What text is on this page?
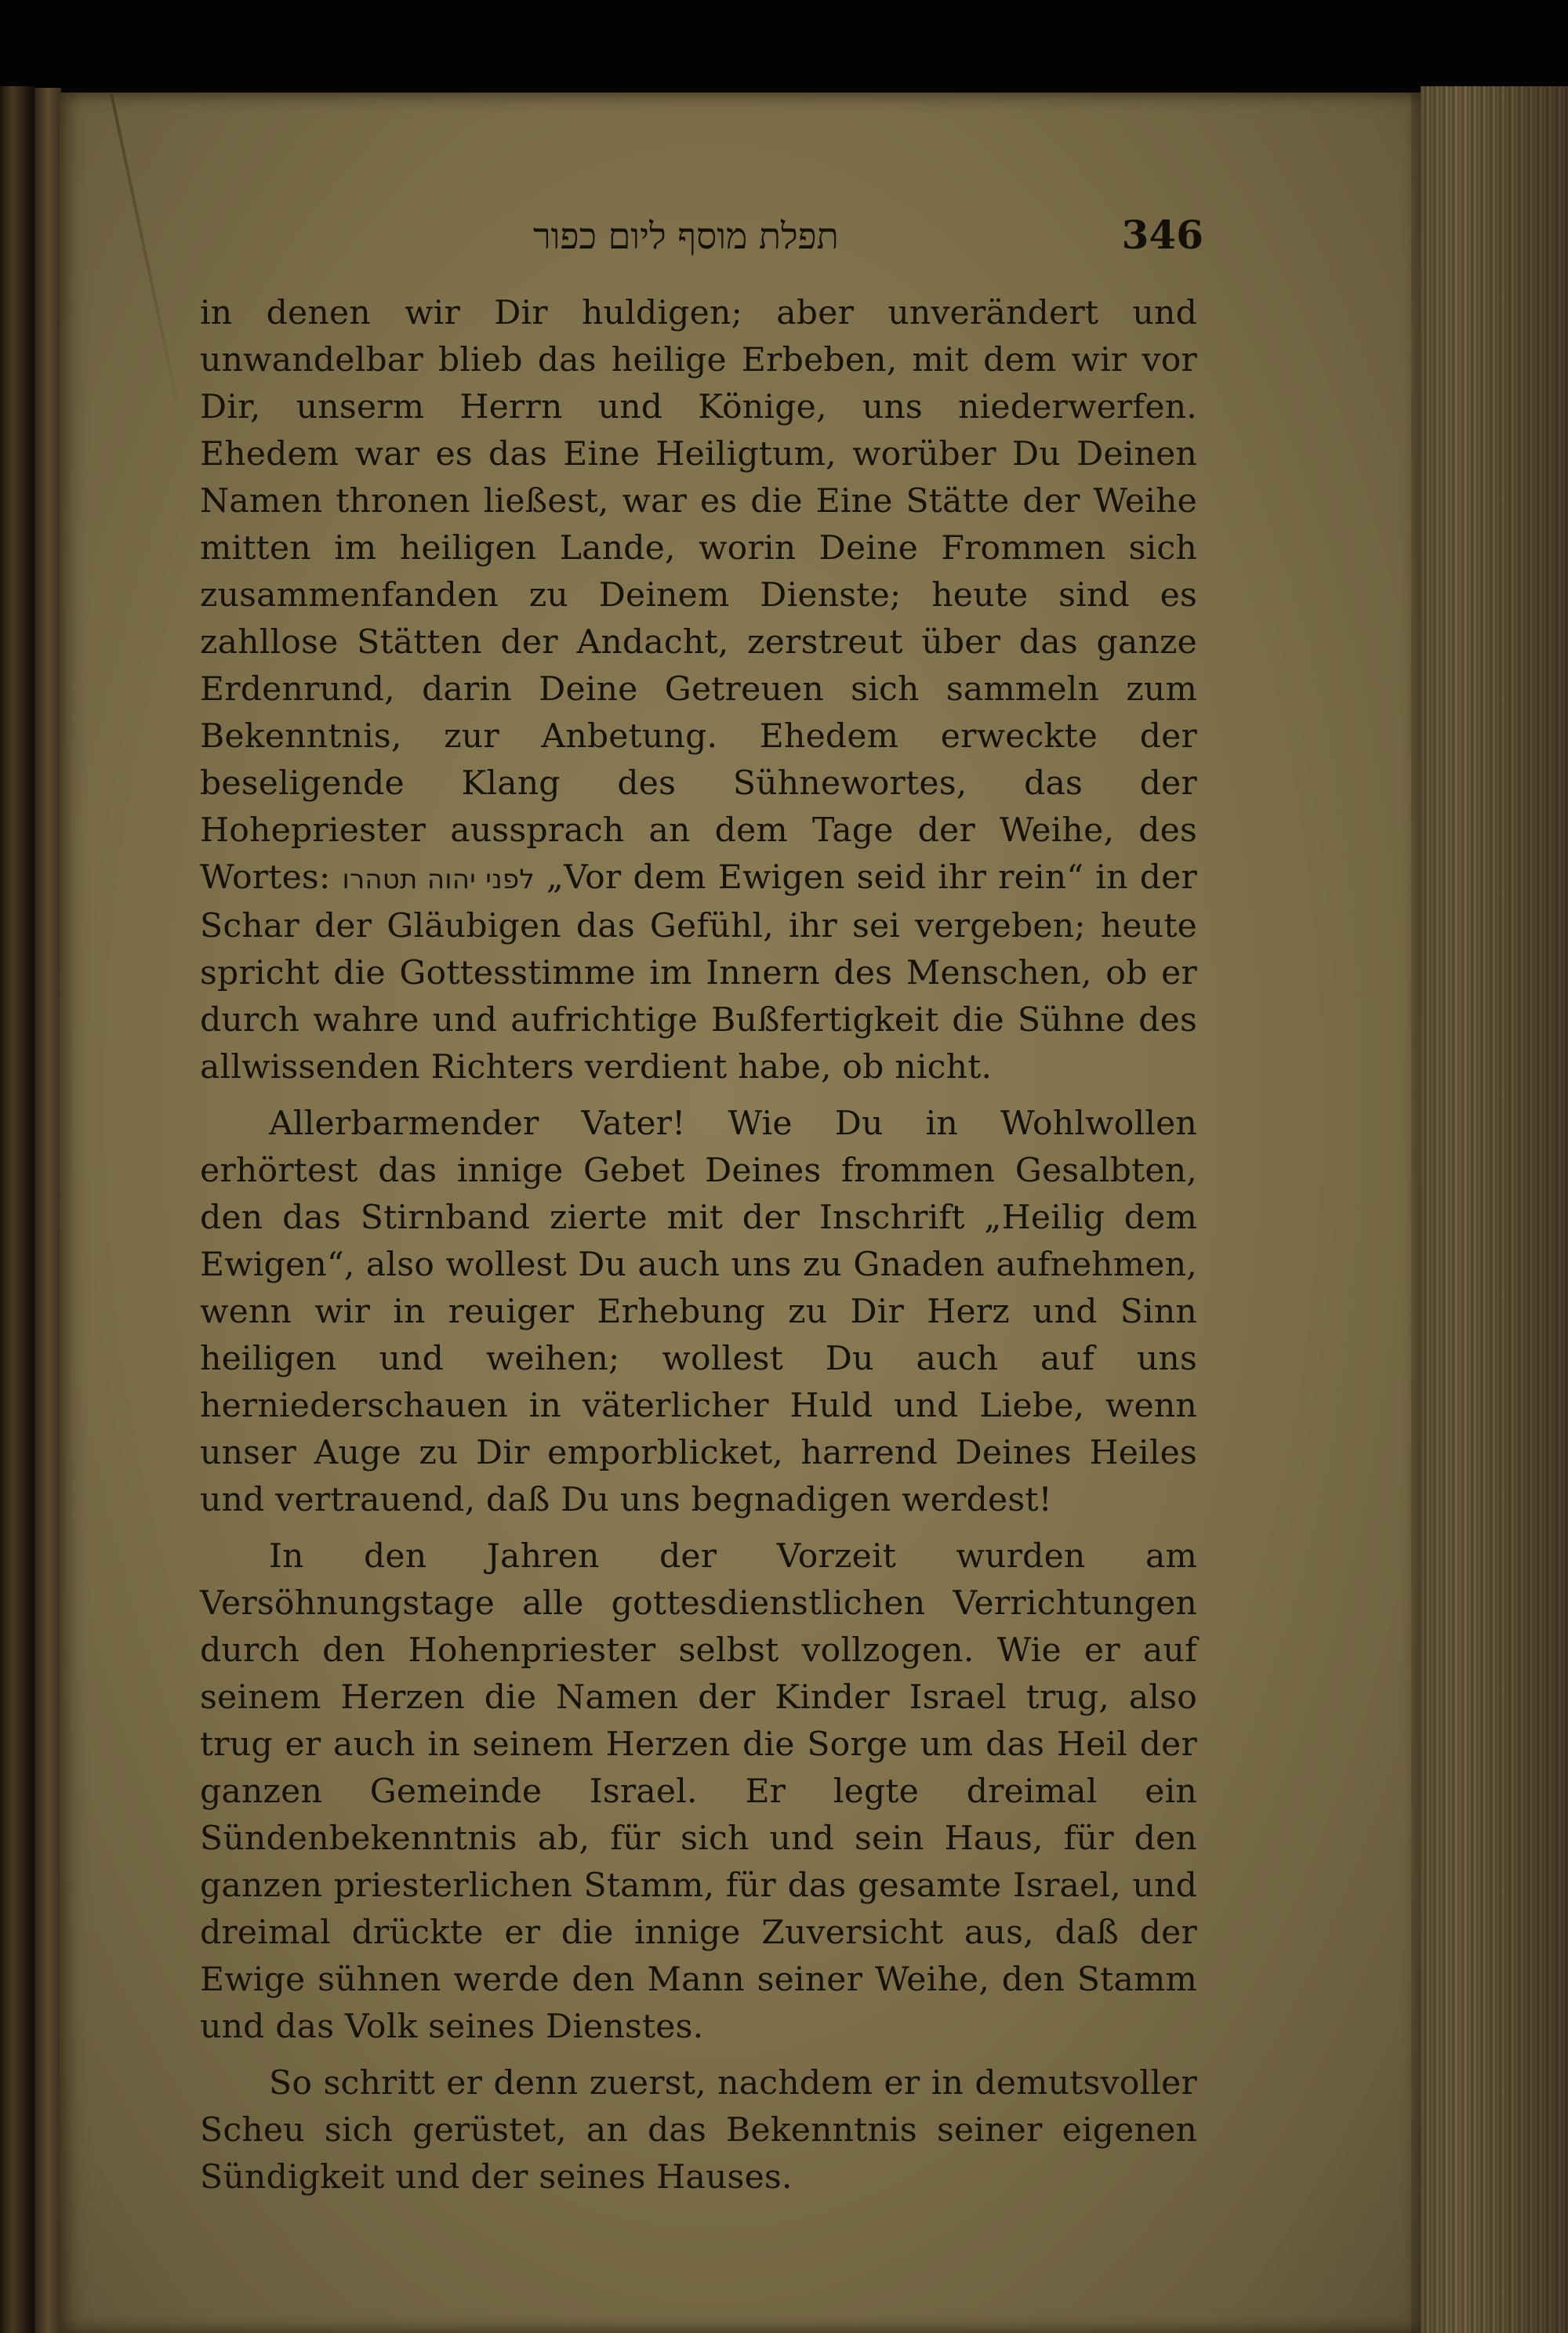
תפלת מוסף ליום כפור	346

in denen wir Dir huldigen; aber unverändert und unwandelbar blieb das heilige Erbeben, mit dem wir vor Dir, unserm Herrn und Könige, uns niederwerfen. Ehedem war es das Eine Heiligtum, worüber Du Deinen Namen thronen ließest, war es die Eine Stätte der Weihe mitten im heiligen Lande, worin Deine Frommen sich zusammenfanden zu Deinem Dienste; heute sind es zahllose Stätten der Andacht, zerstreut über das ganze Erdenrund, darin Deine Getreuen sich sammeln zum Bekenntnis, zur Anbetung. Ehedem erweckte der beseligende Klang des Sühnewortes, das der Hohepriester aussprach an dem Tage der Weihe, des Wortes: לפני יהוה תטהרו „Vor dem Ewigen seid ihr rein“ in der Schar der Gläubigen das Gefühl, ihr sei vergeben; heute spricht die Gottesstimme im Innern des Menschen, ob er durch wahre und aufrichtige Bußfertigkeit die Sühne des allwissenden Richters verdient habe, ob nicht.

Allerbarmender Vater! Wie Du in Wohlwollen erhörtest das innige Gebet Deines frommen Gesalbten, den das Stirnband zierte mit der Inschrift „Heilig dem Ewigen“, also wollest Du auch uns zu Gnaden aufnehmen, wenn wir in reuiger Erhebung zu Dir Herz und Sinn heiligen und weihen; wollest Du auch auf uns herniederschauen in väterlicher Huld und Liebe, wenn unser Auge zu Dir emporblicket, harrend Deines Heiles und vertrauend, daß Du uns begnadigen werdest!

In den Jahren der Vorzeit wurden am Versöhnungstage alle gottesdienstlichen Verrichtungen durch den Hohenpriester selbst vollzogen. Wie er auf seinem Herzen die Namen der Kinder Israel trug, also trug er auch in seinem Herzen die Sorge um das Heil der ganzen Gemeinde Israel. Er legte dreimal ein Sündenbekenntnis ab, für sich und sein Haus, für den ganzen priesterlichen Stamm, für das gesamte Israel, und dreimal drückte er die innige Zuversicht aus, daß der Ewige sühnen werde den Mann seiner Weihe, den Stamm und das Volk seines Dienstes.

So schritt er denn zuerst, nachdem er in demutsvoller Scheu sich gerüstet, an das Bekenntnis seiner eigenen Sündigkeit und der seines Hauses.
